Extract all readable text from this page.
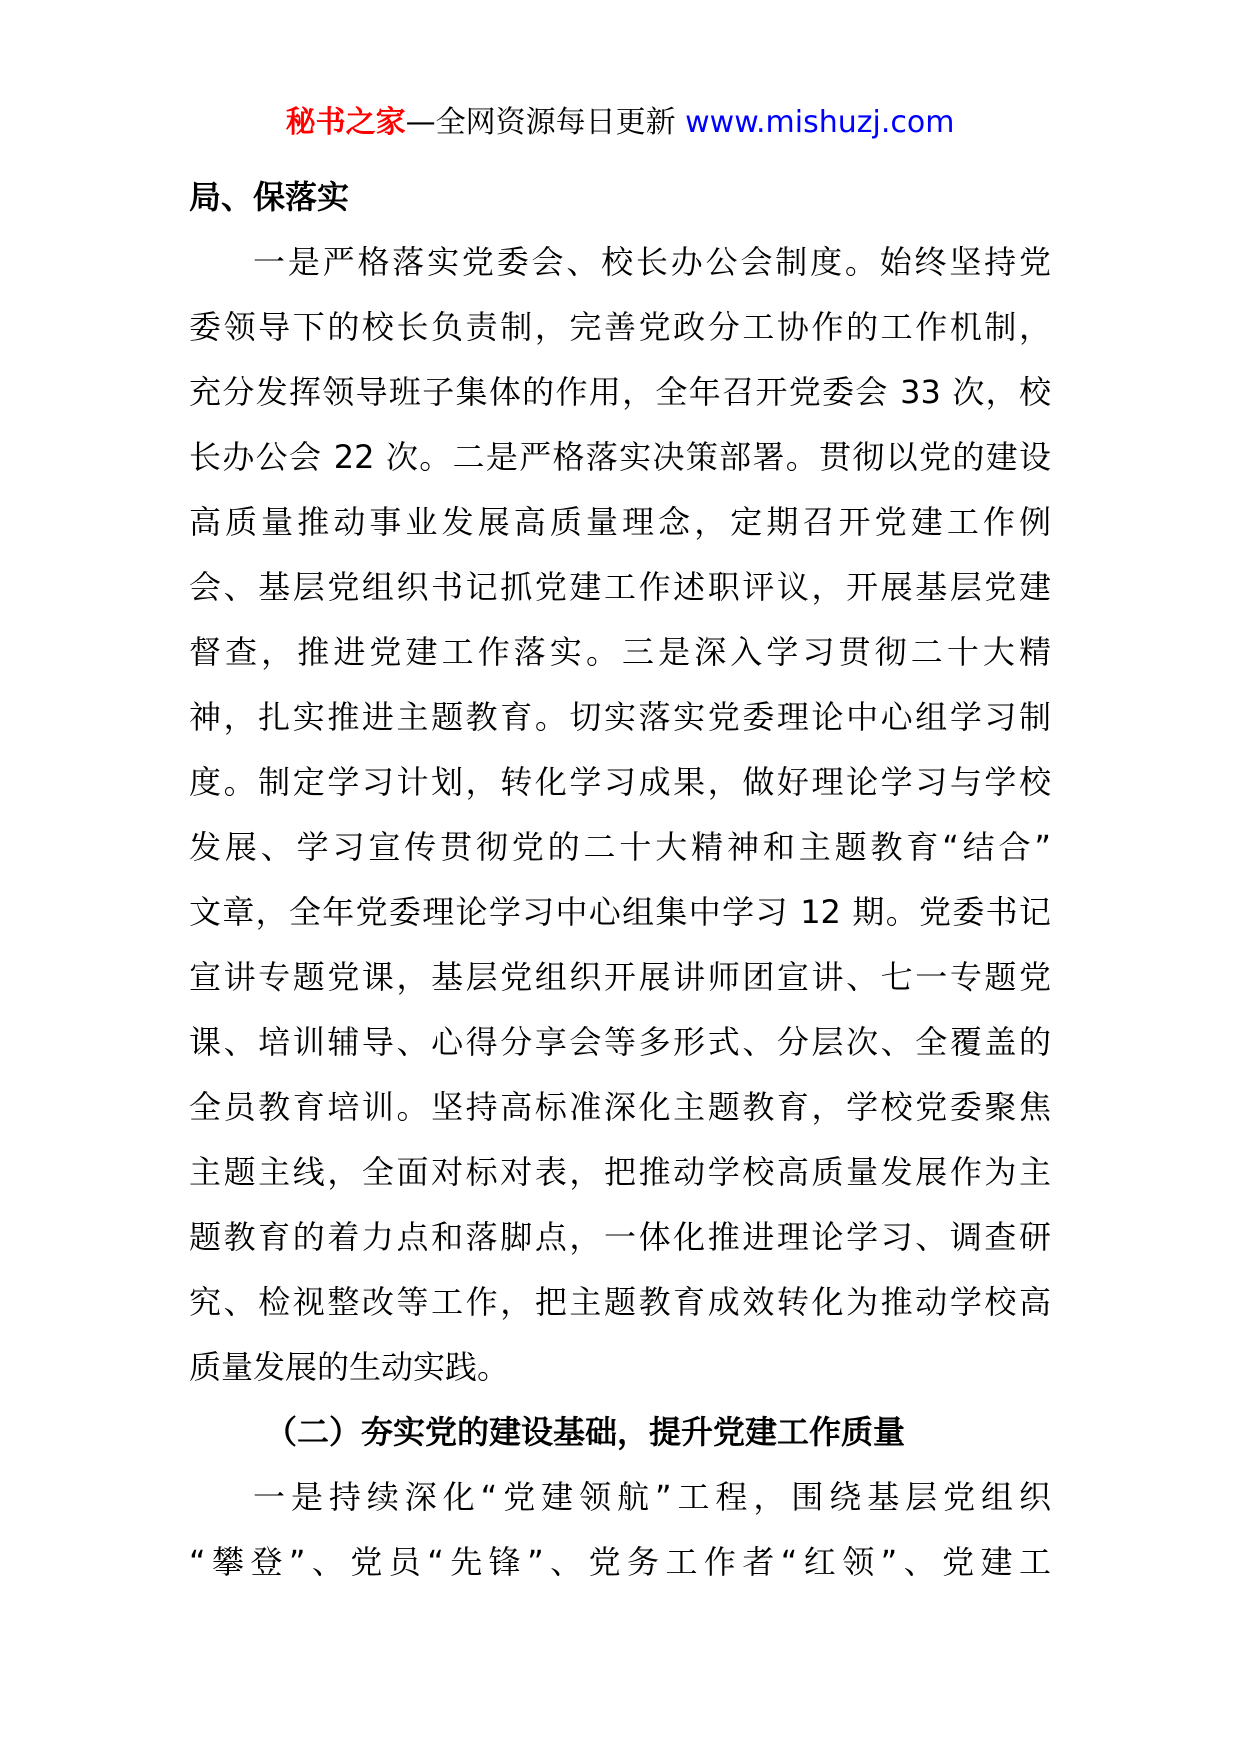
秘书之家—全网资源每日更新 www.mishuzj.com
局、保落实
一是严格落实党委会、校长办公会制度。始终坚持党
委领导下的校长负责制，完善党政分工协作的工作机制，
充分发挥领导班子集体的作用，全年召开党委会 33 次，校
长办公会 22 次。二是严格落实决策部署。贯彻以党的建设
高质量推动事业发展高质量理念，定期召开党建工作例
会、基层党组织书记抓党建工作述职评议，开展基层党建
督查，推进党建工作落实。三是深入学习贯彻二十大精
神，扎实推进主题教育。切实落实党委理论中心组学习制
度。制定学习计划，转化学习成果，做好理论学习与学校
发展、学习宣传贯彻党的二十大精神和主题教育“结合”
文章，全年党委理论学习中心组集中学习 12 期。党委书记
宣讲专题党课，基层党组织开展讲师团宣讲、七一专题党
课、培训辅导、心得分享会等多形式、分层次、全覆盖的
全员教育培训。坚持高标准深化主题教育，学校党委聚焦
主题主线，全面对标对表，把推动学校高质量发展作为主
题教育的着力点和落脚点，一体化推进理论学习、调查研
究、检视整改等工作，把主题教育成效转化为推动学校高
质量发展的生动实践。
（二）夯实党的建设基础，提升党建工作质量
一是持续深化“党建领航”工程，围绕基层党组织
“攀登”、党员“先锋”、党务工作者“红领”、党建工
